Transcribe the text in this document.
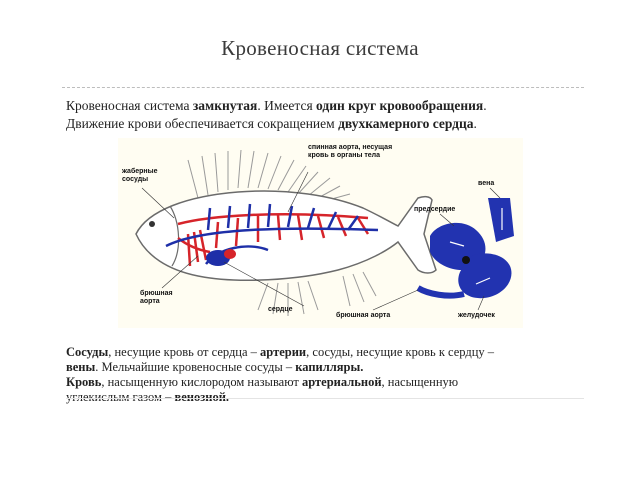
Кровеносная система
Кровеносная система замкнутая. Имеется один круг кровообращения.
Движение крови обеспечивается сокращением двухкамерного сердца.
жаберные сосуды
спинная аорта, несущая кровь в органы тела
вена
предсердие
брюшная аорта
сердце
брюшная аорта	желудочек
Сосуды, несущие кровь от сердца – артерии, сосуды, несущие кровь к сердцу –
вены. Мельчайшие кровеносные сосуды – капилляры.
Кровь, насыщенную кислородом называют артериальной, насыщенную
углекислым газом – венозной.
